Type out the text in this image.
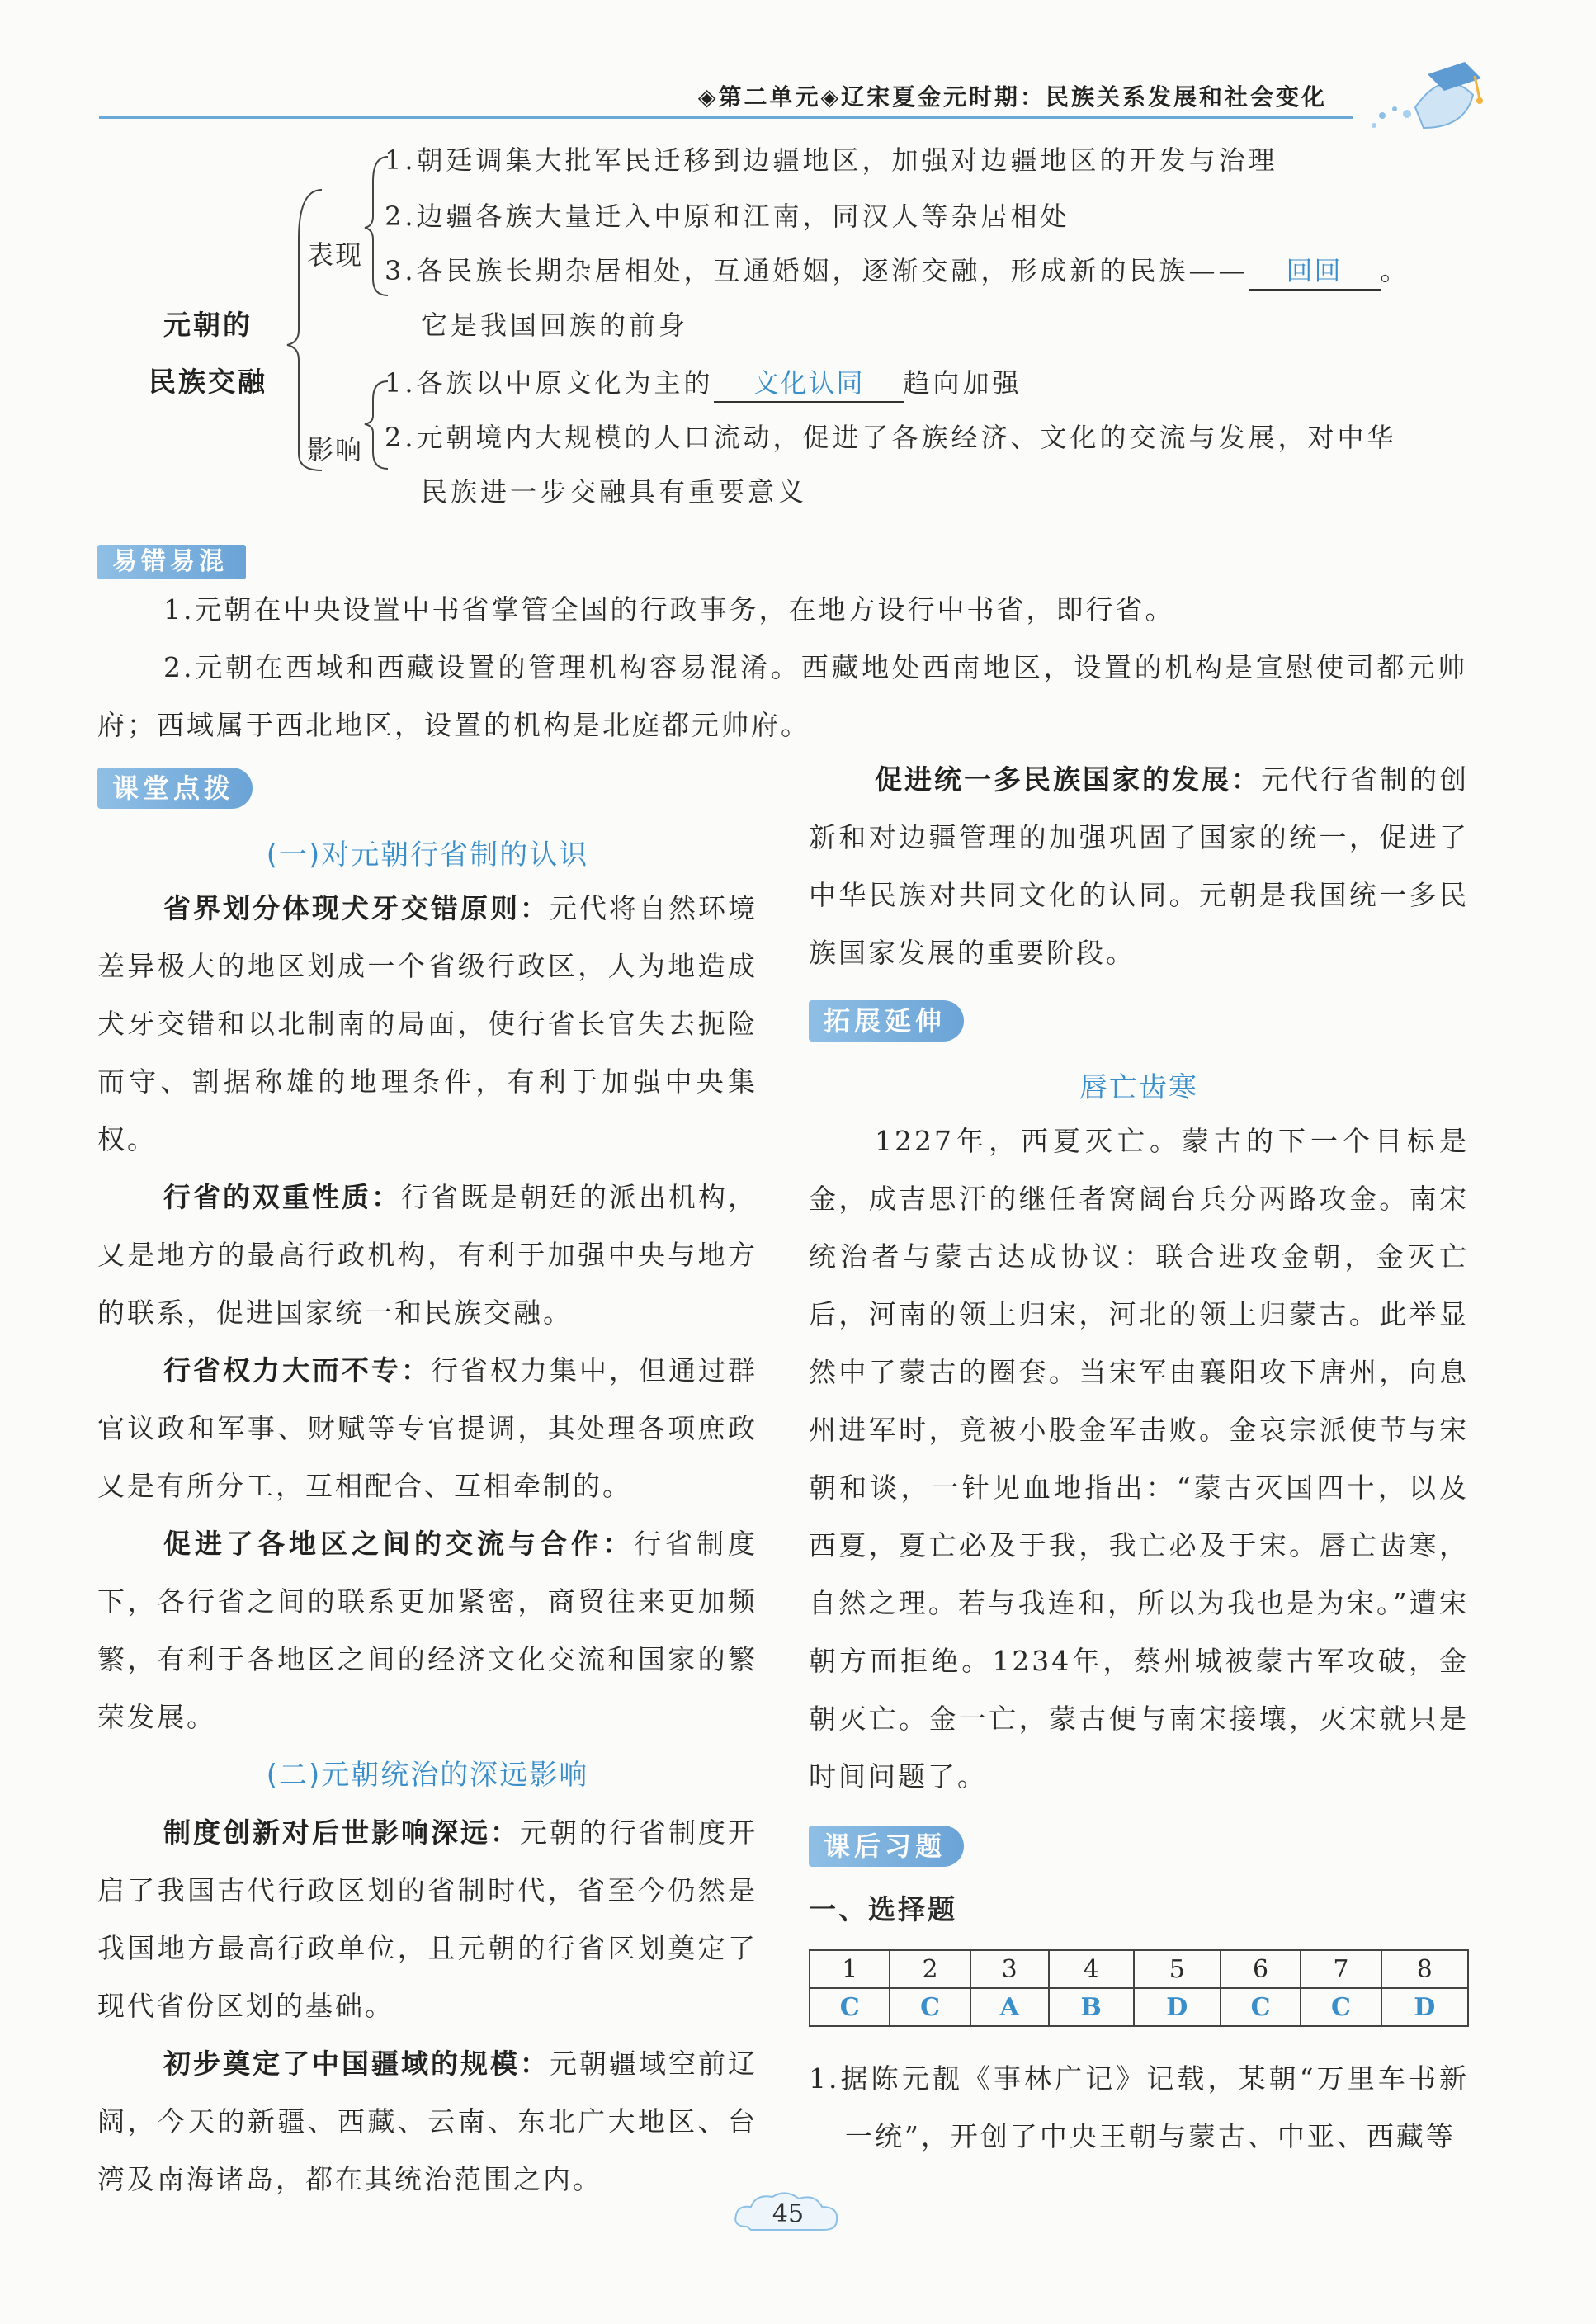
◈第二单元◈辽宋夏金元时期：民族关系发展和社会变化
元朝的
民族交融
表现
影响
1.朝廷调集大批军民迁移到边疆地区，加强对边疆地区的开发与治理
2.边疆各族大量迁入中原和江南，同汉人等杂居相处
3.各民族长期杂居相处，互通婚姻，逐渐交融，形成新的民族—— 回回 。
它是我国回族的前身
1.各族以中原文化为主的 文化认同 趋向加强
2.元朝境内大规模的人口流动，促进了各族经济、文化的交流与发展，对中华
民族进一步交融具有重要意义
易错易混
1.元朝在中央设置中书省掌管全国的行政事务，在地方设行中书省，即行省。
2.元朝在西域和西藏设置的管理机构容易混淆。西藏地处西南地区，设置的机构是宣慰使司都元帅府；西域属于西北地区，设置的机构是北庭都元帅府。
课堂点拨
(一)对元朝行省制的认识
省界划分体现犬牙交错原则：元代将自然环境差异极大的地区划成一个省级行政区，人为地造成犬牙交错和以北制南的局面，使行省长官失去扼险而守、割据称雄的地理条件，有利于加强中央集权。
行省的双重性质：行省既是朝廷的派出机构，又是地方的最高行政机构，有利于加强中央与地方的联系，促进国家统一和民族交融。
行省权力大而不专：行省权力集中，但通过群官议政和军事、财赋等专官提调，其处理各项庶政又是有所分工，互相配合、互相牵制的。
促进了各地区之间的交流与合作：行省制度下，各行省之间的联系更加紧密，商贸往来更加频繁，有利于各地区之间的经济文化交流和国家的繁荣发展。
(二)元朝统治的深远影响
制度创新对后世影响深远：元朝的行省制度开启了我国古代行政区划的省制时代，省至今仍然是我国地方最高行政单位，且元朝的行省区划奠定了现代省份区划的基础。
初步奠定了中国疆域的规模：元朝疆域空前辽阔，今天的新疆、西藏、云南、东北广大地区、台湾及南海诸岛，都在其统治范围之内。
促进统一多民族国家的发展：元代行省制的创新和对边疆管理的加强巩固了国家的统一，促进了中华民族对共同文化的认同。元朝是我国统一多民族国家发展的重要阶段。
拓展延伸
唇亡齿寒
1227年，西夏灭亡。蒙古的下一个目标是金，成吉思汗的继任者窝阔台兵分两路攻金。南宋统治者与蒙古达成协议：联合进攻金朝，金灭亡后，河南的领土归宋，河北的领土归蒙古。此举显然中了蒙古的圈套。当宋军由襄阳攻下唐州，向息州进军时，竟被小股金军击败。金哀宗派使节与宋朝和谈，一针见血地指出：“蒙古灭国四十，以及西夏，夏亡必及于我，我亡必及于宋。唇亡齿寒，自然之理。若与我连和，所以为我也是为宋。”遭宋朝方面拒绝。1234年，蔡州城被蒙古军攻破，金朝灭亡。金一亡，蒙古便与南宋接壤，灭宋就只是时间问题了。
课后习题
一、选择题
1	2	3	4	5	6	7	8
C	C	A	B	D	C	C	D
1.据陈元靓《事林广记》记载，某朝“万里车书新一统”，开创了中央王朝与蒙古、中亚、西藏等
45
